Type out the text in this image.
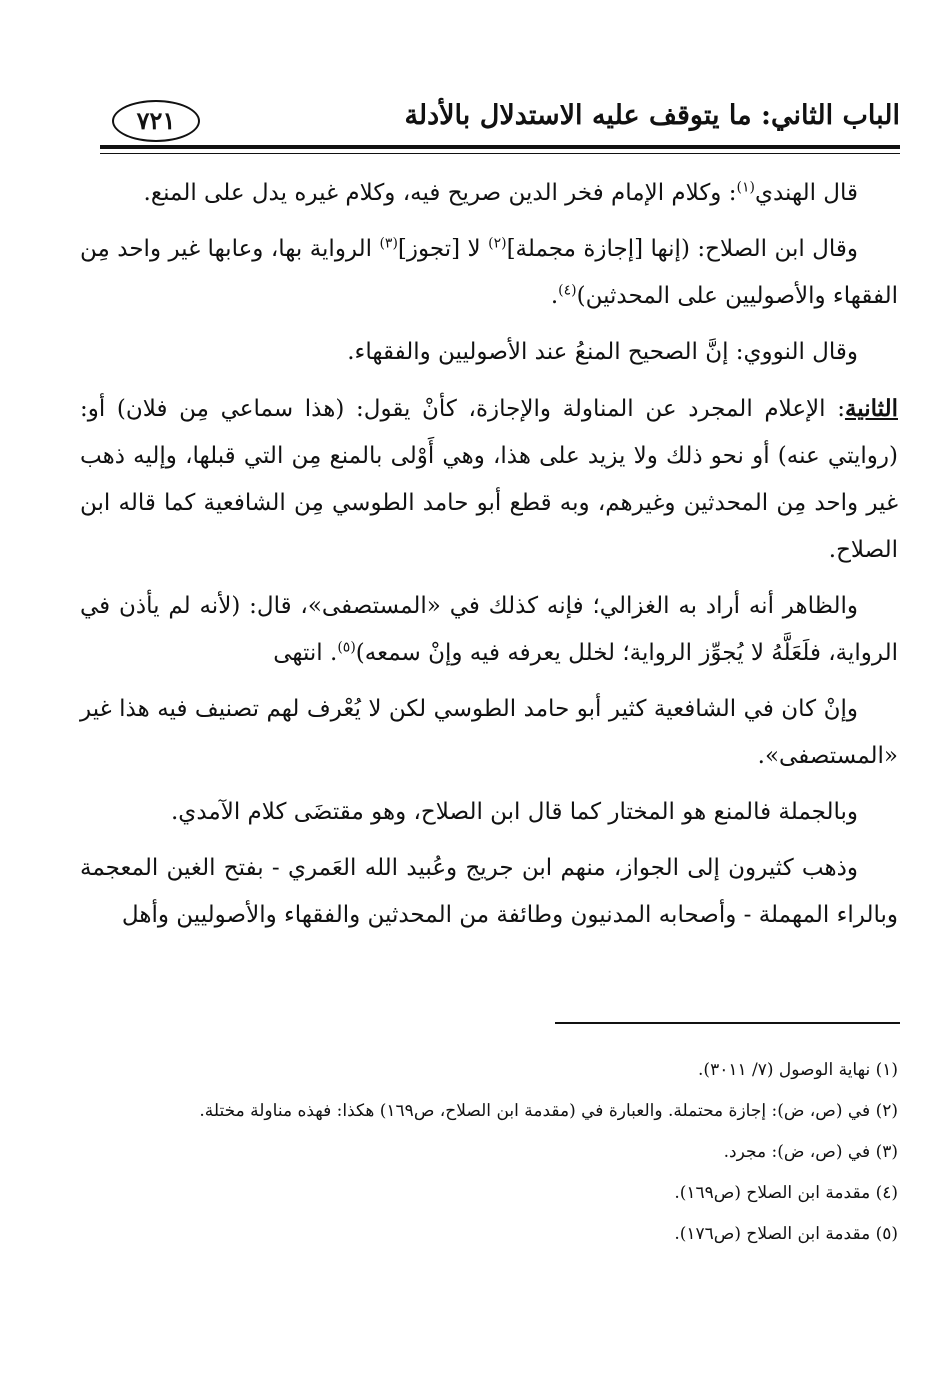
الباب الثاني: ما يتوقف عليه الاستدلال بالأدلة
٧٢١

قال الهندي$^{(١)}$: وكلام الإمام فخر الدين صريح فيه، وكلام غيره يدل على المنع.

وقال ابن الصلاح: (إنها [إجازة مجملة]$^{(٢)}$ لا [تجوز]$^{(٣)}$ الرواية بها، وعابها غير واحد مِن الفقهاء والأصوليين على المحدثين)$^{(٤)}$.

وقال النووي: إنَّ الصحيح المنعُ عند الأصوليين والفقهاء.

الثانية: الإعلام المجرد عن المناولة والإجازة، كأنْ يقول: (هذا سماعي مِن فلان) أو: (روايتي عنه) أو نحو ذلك ولا يزيد على هذا، وهي أَوْلى بالمنع مِن التي قبلها، وإليه ذهب غير واحد مِن المحدثين وغيرهم، وبه قطع أبو حامد الطوسي مِن الشافعية كما قاله ابن الصلاح.

والظاهر أنه أراد به الغزالي؛ فإنه كذلك في «المستصفى»، قال: (لأنه لم يأذن في الرواية، فلَعَلَّهُ لا يُجوِّز الرواية؛ لخلل يعرفه فيه وإنْ سمعه)$^{(٥)}$. انتهى

وإنْ كان في الشافعية كثير أبو حامد الطوسي لكن لا يُعْرف لهم تصنيف فيه هذا غير «المستصفى».

وبالجملة فالمنع هو المختار كما قال ابن الصلاح، وهو مقتضَى كلام الآمدي.

وذهب كثيرون إلى الجواز، منهم ابن جريج وعُبيد الله العَمري - بفتح الغين المعجمة وبالراء المهملة - وأصحابه المدنيون وطائفة من المحدثين والفقهاء والأصوليين وأهل

(١) نهاية الوصول (٧/ ٣٠١١).
(٢) في (ص، ض): إجازة محتملة. والعبارة في (مقدمة ابن الصلاح، ص١٦٩) هكذا: فهذه مناولة مختلة.
(٣) في (ص، ض): مجرد.
(٤) مقدمة ابن الصلاح (ص١٦٩).
(٥) مقدمة ابن الصلاح (ص١٧٦).
